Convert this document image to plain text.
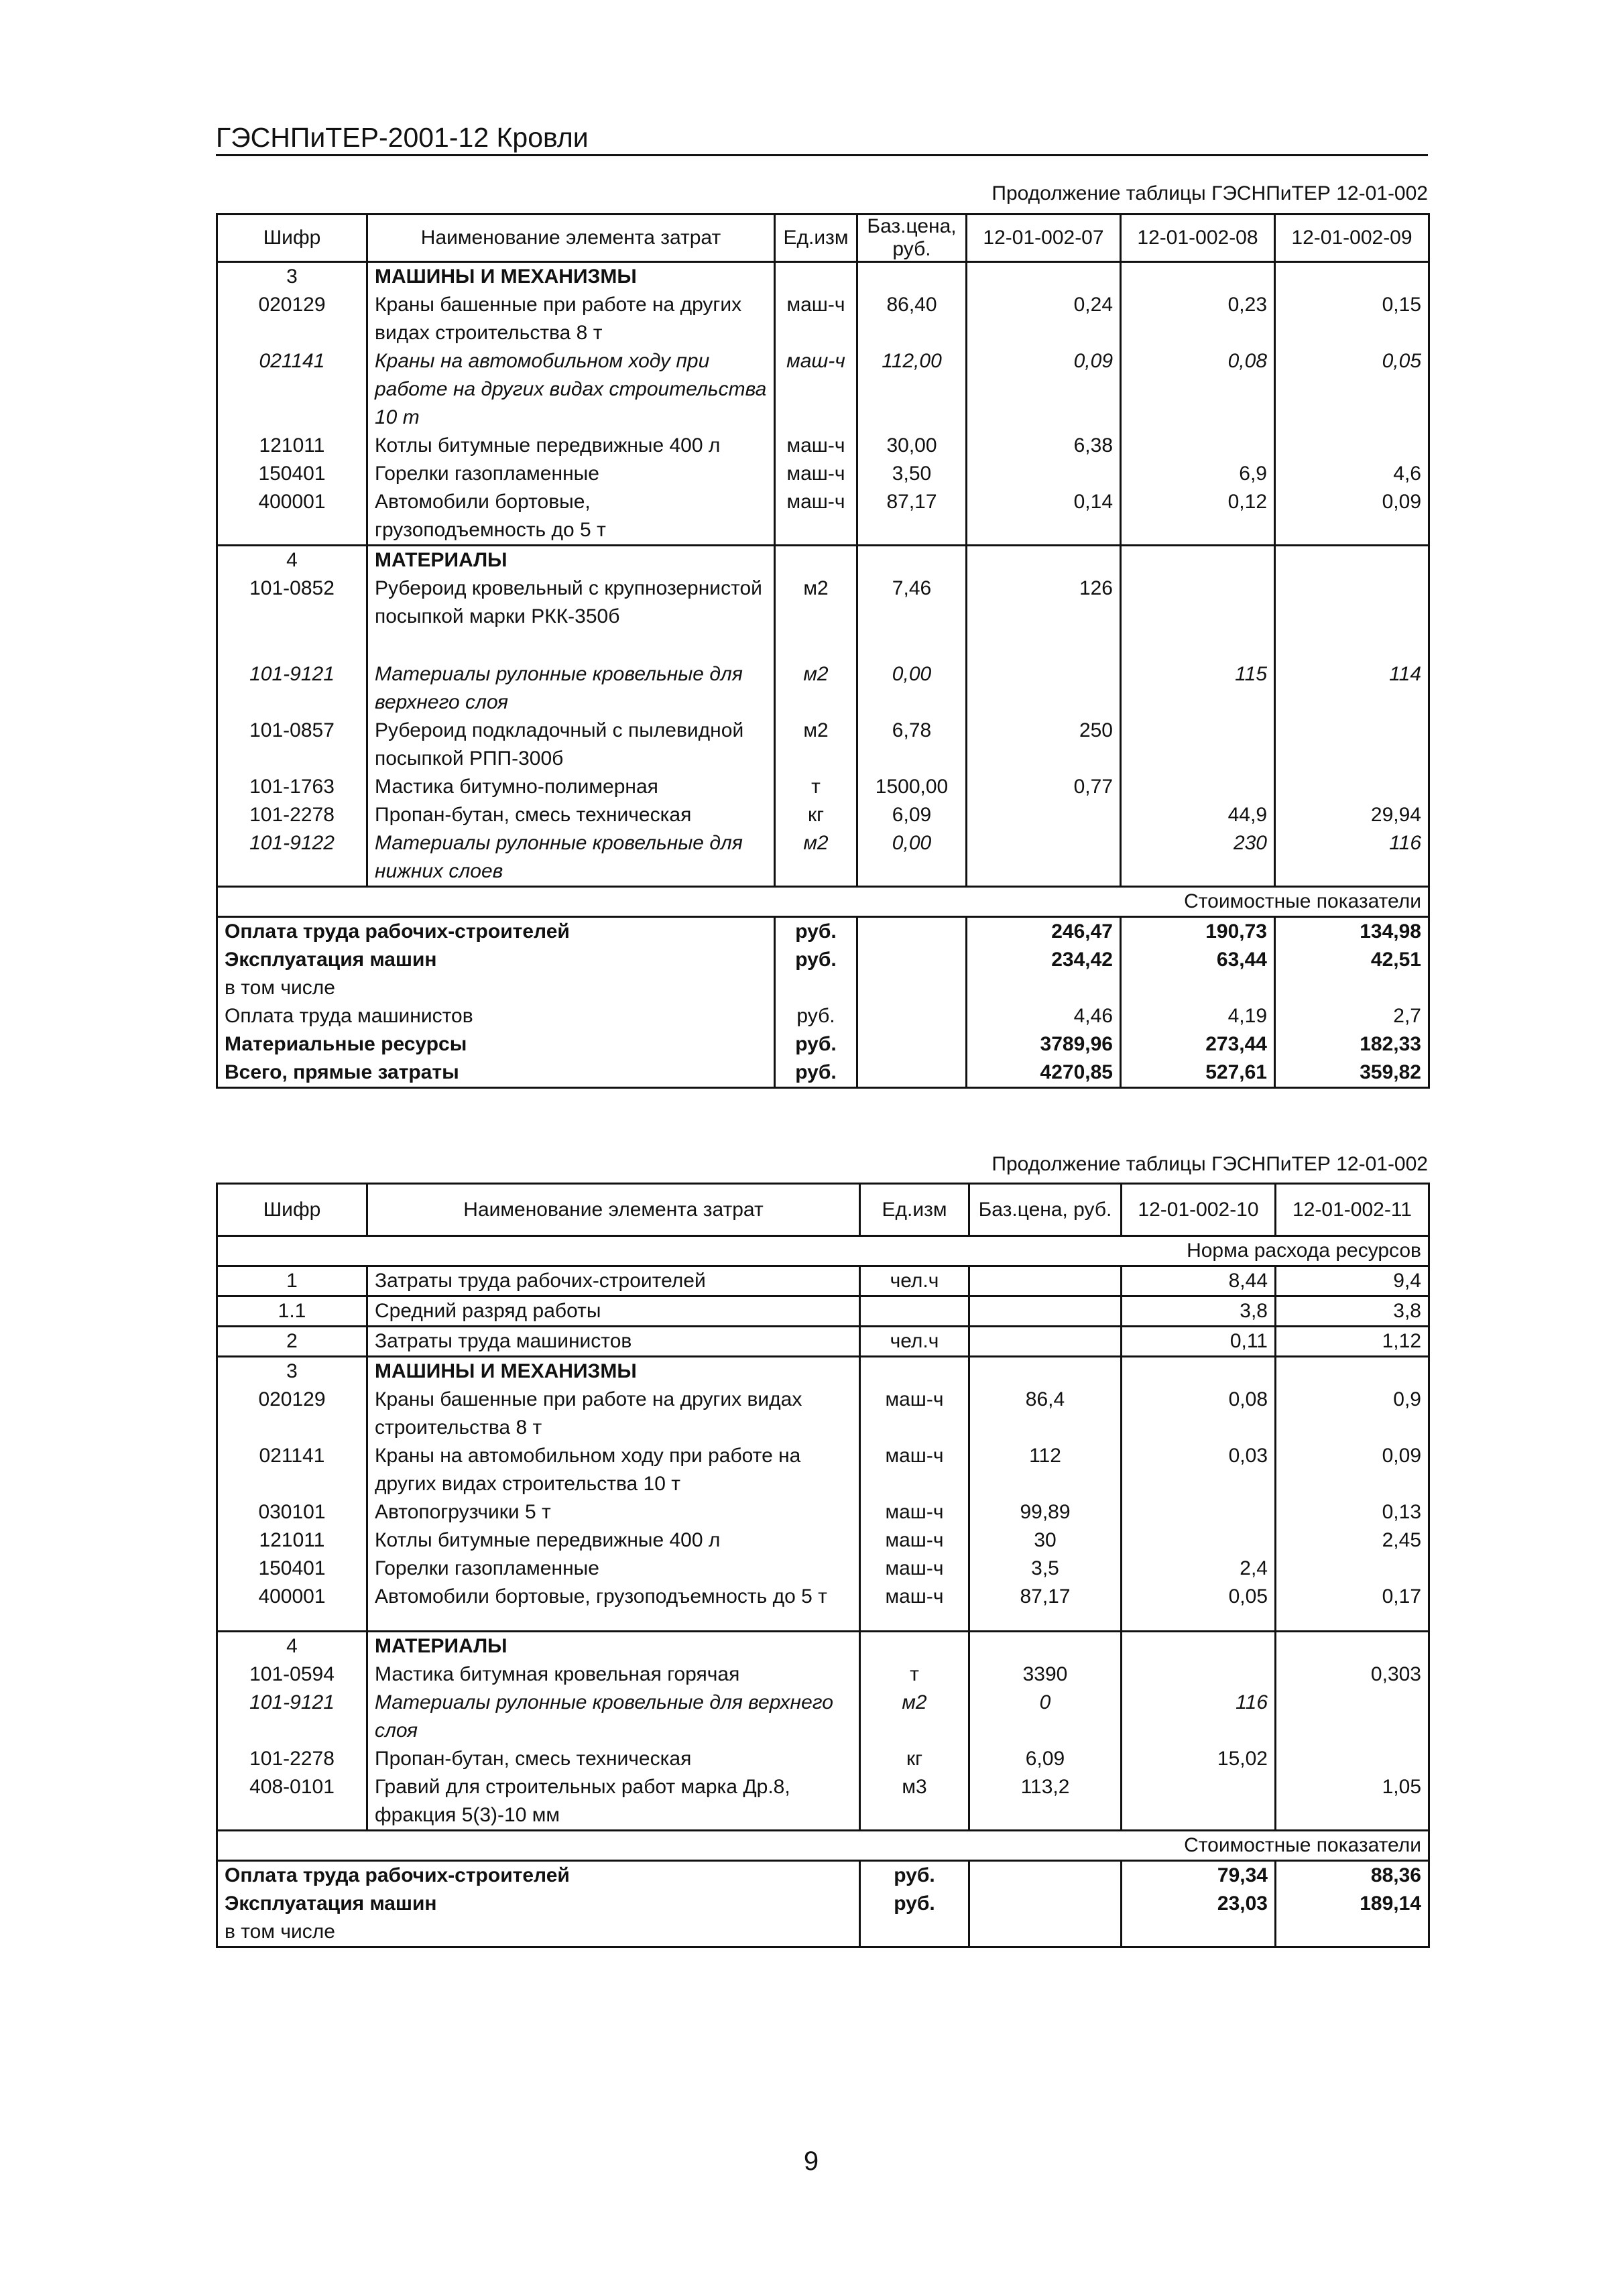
ГЭСНПиТЕР-2001-12 Кровли
Продолжение таблицы ГЭСНПиТЕР 12-01-002
Шифр	Наименование элемента затрат	Ед.изм	Баз.цена, руб.	12-01-002-07	12-01-002-08	12-01-002-09
3	МАШИНЫ И МЕХАНИЗМЫ					
020129	Краны башенные при работе на других видах строительства 8 т	маш-ч	86,40	0,24	0,23	0,15
021141	Краны на автомобильном ходу при работе на других видах строительства 10 т	маш-ч	112,00	0,09	0,08	0,05
121011	Котлы битумные передвижные 400 л	маш-ч	30,00	6,38		
150401	Горелки газопламенные	маш-ч	3,50		6,9	4,6
400001	Автомобили бортовые, грузоподъемность до 5 т	маш-ч	87,17	0,14	0,12	0,09
4	МАТЕРИАЛЫ					
101-0852	Рубероид кровельный с крупнозернистой посыпкой марки РКК-350б	м2	7,46	126		
101-9121	Материалы рулонные кровельные для верхнего слоя	м2	0,00		115	114
101-0857	Рубероид подкладочный с пылевидной посыпкой РПП-300б	м2	6,78	250		
101-1763	Мастика битумно-полимерная	т	1500,00	0,77		
101-2278	Пропан-бутан, смесь техническая	кг	6,09		44,9	29,94
101-9122	Материалы рулонные кровельные для нижних слоев	м2	0,00		230	116
Стоимостные показатели						
Оплата труда рабочих-строителей		руб.		246,47	190,73	134,98
Эксплуатация машин		руб.		234,42	63,44	42,51
в том числе						
Оплата труда машинистов		руб.		4,46	4,19	2,7
Материальные ресурсы		руб.		3789,96	273,44	182,33
Всего, прямые затраты		руб.		4270,85	527,61	359,82
Продолжение таблицы ГЭСНПиТЕР 12-01-002
Шифр	Наименование элемента затрат	Ед.изм	Баз.цена, руб.	12-01-002-10	12-01-002-11
Норма расхода ресурсов					
1	Затраты труда рабочих-строителей	чел.ч		8,44	9,4
1.1	Средний разряд работы			3,8	3,8
2	Затраты труда машинистов	чел.ч		0,11	1,12
3	МАШИНЫ И МЕХАНИЗМЫ				
020129	Краны башенные при работе на других видах строительства 8 т	маш-ч	86,4	0,08	0,9
021141	Краны на автомобильном ходу при работе на других видах строительства 10 т	маш-ч	112	0,03	0,09
030101	Автопогрузчики 5 т	маш-ч	99,89		0,13
121011	Котлы битумные передвижные 400 л	маш-ч	30		2,45
150401	Горелки газопламенные	маш-ч	3,5	2,4	
400001	Автомобили бортовые, грузоподъемность до 5 т	маш-ч	87,17	0,05	0,17
4	МАТЕРИАЛЫ				
101-0594	Мастика битумная кровельная горячая	т	3390		0,303
101-9121	Материалы рулонные кровельные для верхнего слоя	м2	0	116	
101-2278	Пропан-бутан, смесь техническая	кг	6,09	15,02	
408-0101	Гравий для строительных работ марка Др.8, фракция 5(3)-10 мм	м3	113,2		1,05
Стоимостные показатели					
Оплата труда рабочих-строителей		руб.		79,34	88,36
Эксплуатация машин		руб.		23,03	189,14
в том числе					
9
